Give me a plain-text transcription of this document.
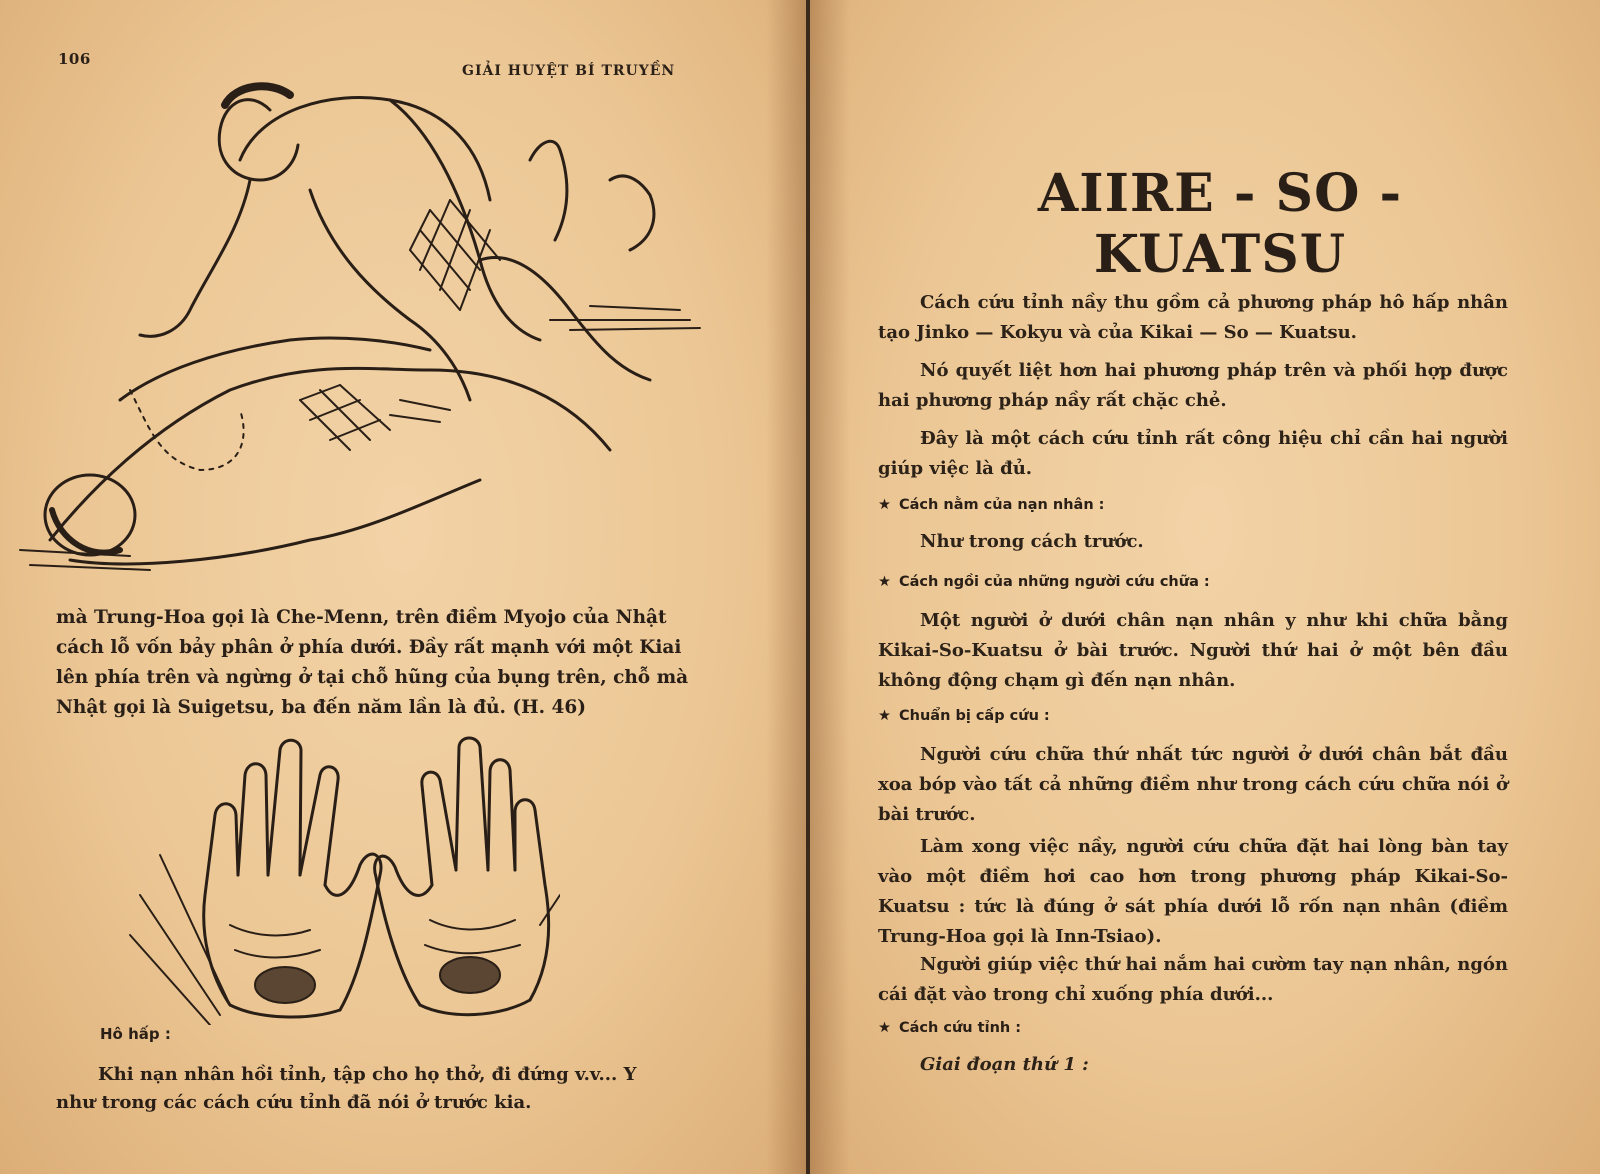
106
GIẢI HUYỆT BÍ TRUYỀN

mà Trung-Hoa gọi là Che-Menn, trên điềm Myojo của Nhật

cách lỗ vốn bảy phân ở phía dưới. Đầy rất mạnh với một Kiai

lên phía trên và ngừng ở tại chỗ hũng của bụng trên, chỗ mà

Nhật gọi là Suigetsu, ba đến năm lần là đủ. (H. 46)

Hô hấp :

Khi nạn nhân hồi tỉnh, tập cho họ thở, đi đứng v.v... Y

như trong các cách cứu tỉnh đã nói ở trước kia.

AIIRE - SO - KUATSU

Cách cứu tỉnh nầy thu gồm cả phương pháp hô hấp nhân tạo Jinko — Kokyu và của Kikai — So — Kuatsu.

Nó quyết liệt hơn hai phương pháp trên và phối hợp được hai phương pháp nầy rất chặc chẻ.

Đây là một cách cứu tỉnh rất công hiệu chỉ cần hai người giúp việc là đủ.

★ Cách nằm của nạn nhân :

Như trong cách trước.

★ Cách ngồi của những người cứu chữa :

Một người ở dưới chân nạn nhân y như khi chữa bằng Kikai-So-Kuatsu ở bài trước. Người thứ hai ở một bên đầu không động chạm gì đến nạn nhân.

★ Chuẩn bị cấp cứu :

Người cứu chữa thứ nhất tức người ở dưới chân bắt đầu xoa bóp vào tất cả những điềm như trong cách cứu chữa nói ở bài trước.

Làm xong việc nầy, người cứu chữa đặt hai lòng bàn tay vào một điềm hơi cao hơn trong phương pháp Kikai-So-Kuatsu : tức là đúng ở sát phía dưới lỗ rốn nạn nhân (điềm Trung-Hoa gọi là Inn-Tsiao).

Người giúp việc thứ hai nắm hai cườm tay nạn nhân, ngón cái đặt vào trong chỉ xuống phía dưới...

★ Cách cứu tỉnh :
Giai đoạn thứ 1 :
